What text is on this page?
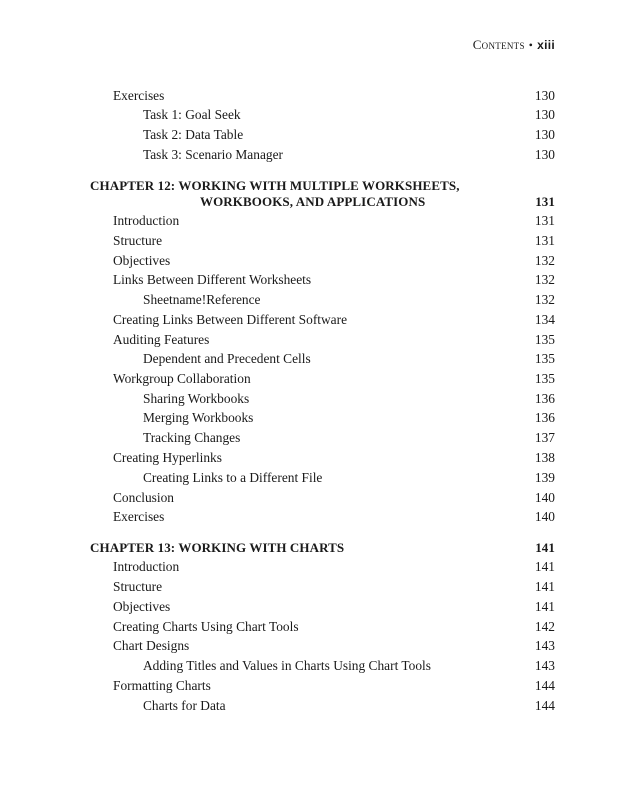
Contents • xiii
Exercises	130
Task 1: Goal Seek	130
Task 2: Data Table	130
Task 3: Scenario Manager	130
CHAPTER 12: WORKING WITH MULTIPLE WORKSHEETS,
WORKBOOKS, AND APPLICATIONS	131
Introduction	131
Structure	131
Objectives	132
Links Between Different Worksheets	132
Sheetname!Reference	132
Creating Links Between Different Software	134
Auditing Features	135
Dependent and Precedent Cells	135
Workgroup Collaboration	135
Sharing Workbooks	136
Merging Workbooks	136
Tracking Changes	137
Creating Hyperlinks	138
Creating Links to a Different File	139
Conclusion	140
Exercises	140
CHAPTER 13: WORKING WITH CHARTS	141
Introduction	141
Structure	141
Objectives	141
Creating Charts Using Chart Tools	142
Chart Designs	143
Adding Titles and Values in Charts Using Chart Tools	143
Formatting Charts	144
Charts for Data	144
